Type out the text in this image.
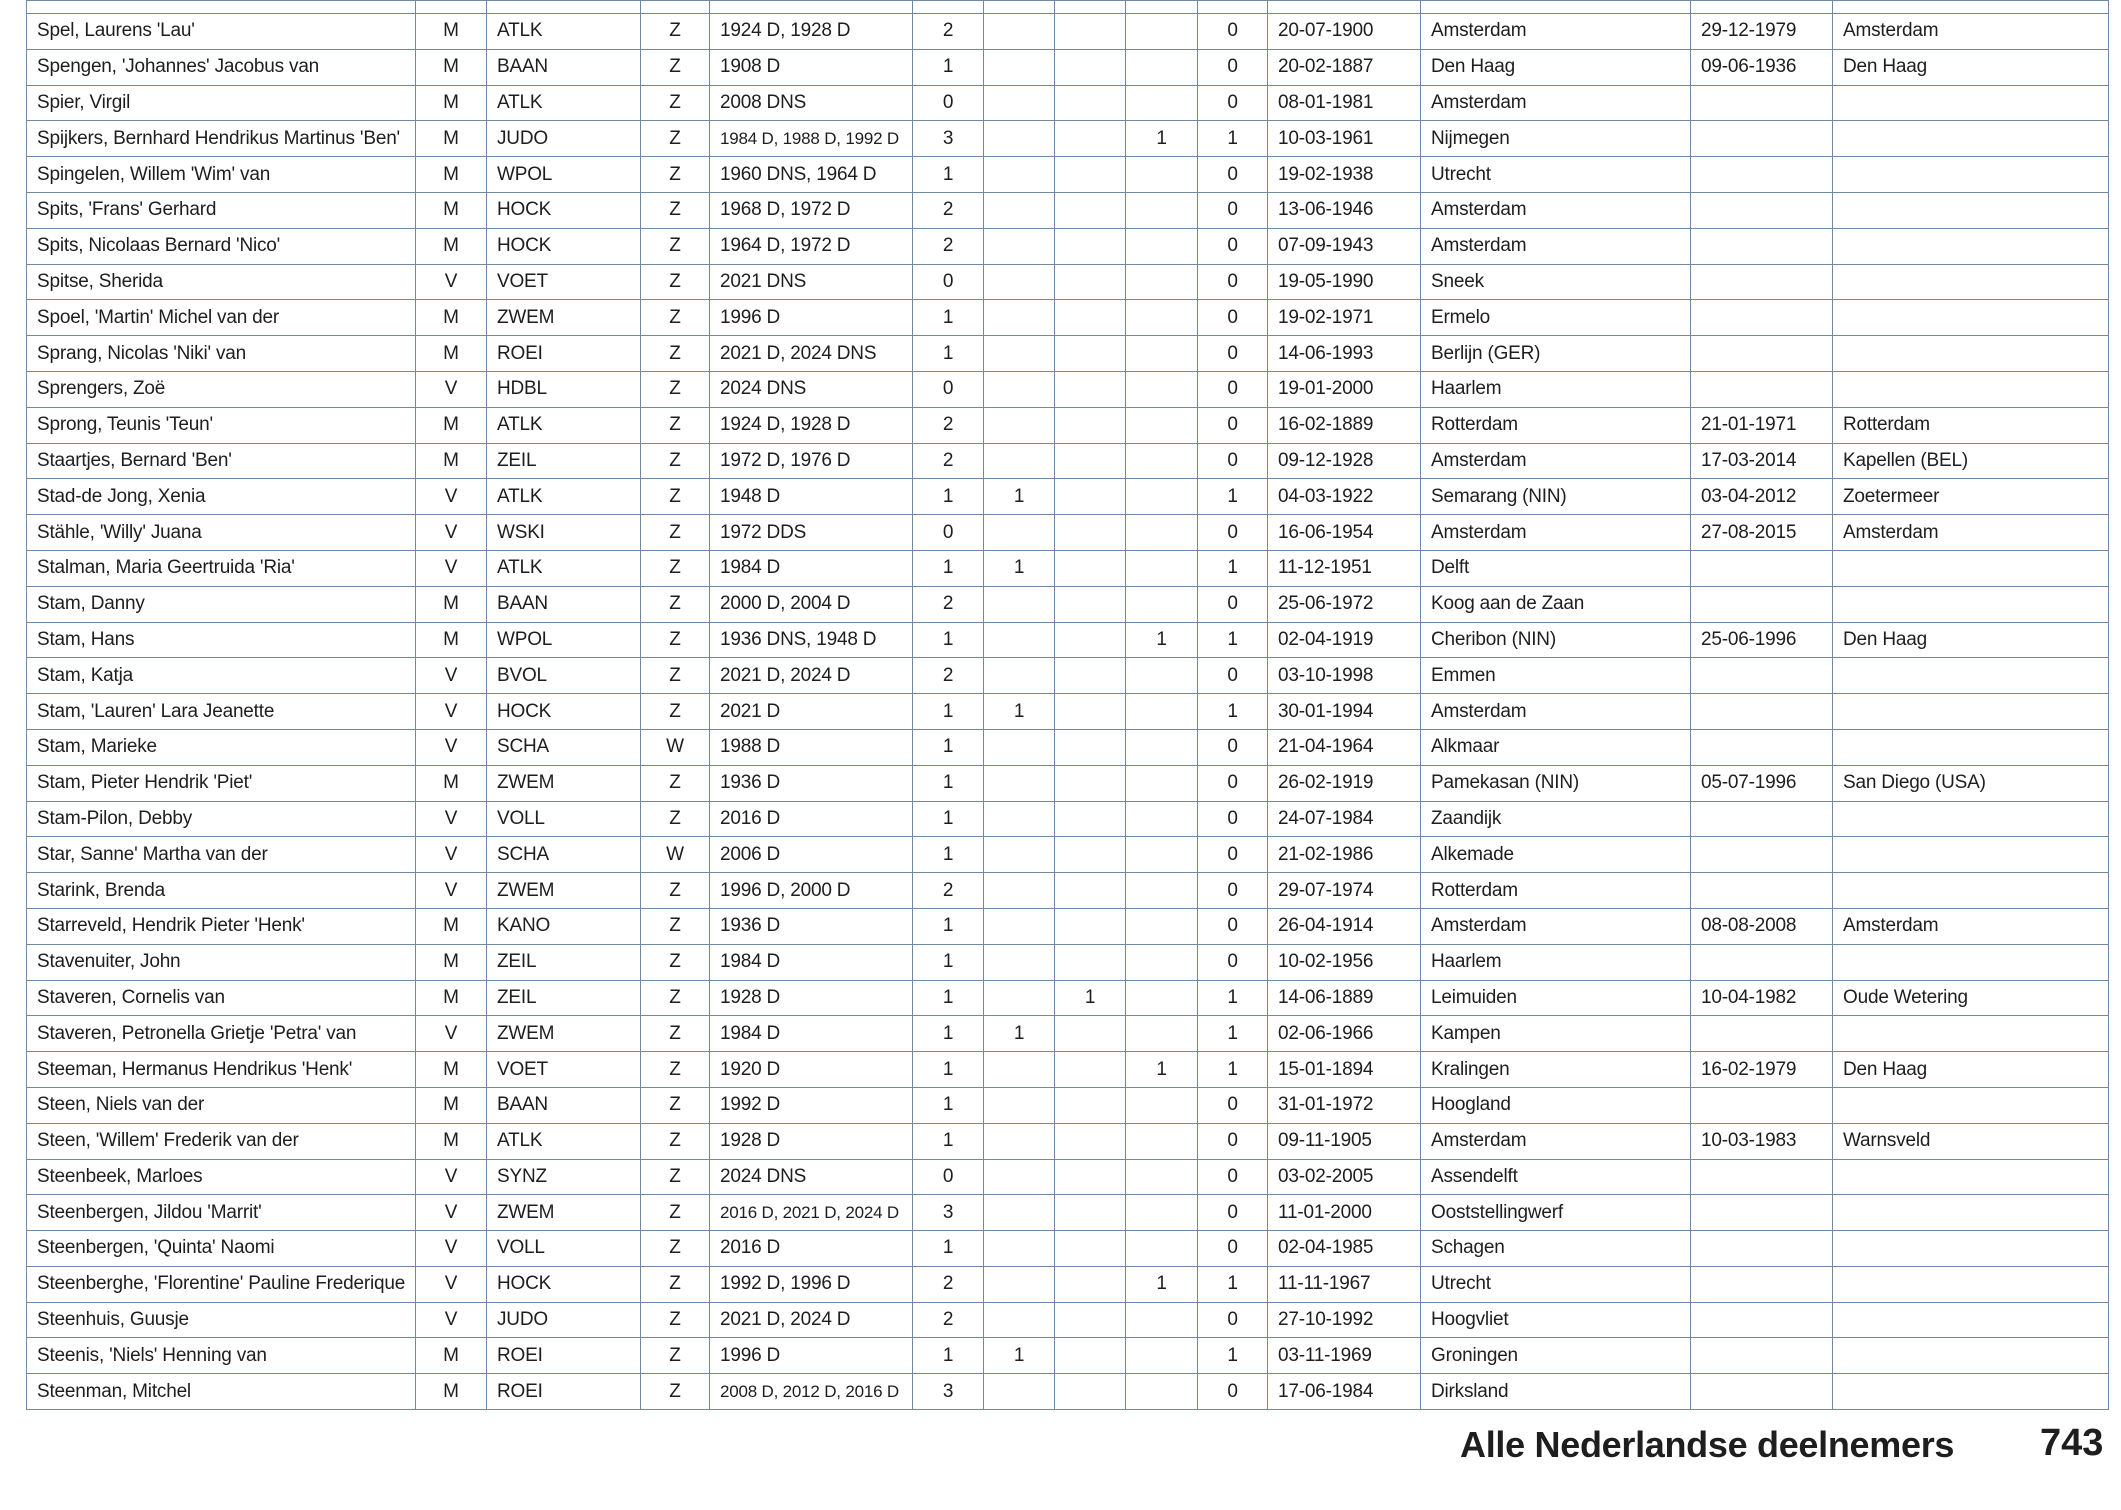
Spel, Laurens 'Lau'	M	ATLK	Z	1924 D, 1928 D	2				0	20-07-1900	Amsterdam	29-12-1979	Amsterdam
Spengen, 'Johannes' Jacobus van	M	BAAN	Z	1908 D	1				0	20-02-1887	Den Haag	09-06-1936	Den Haag
Spier, Virgil	M	ATLK	Z	2008 DNS	0				0	08-01-1981	Amsterdam		
Spijkers, Bernhard Hendrikus Martinus 'Ben'	M	JUDO	Z	1984 D, 1988 D, 1992 D	3			1	1	10-03-1961	Nijmegen		
Spingelen, Willem 'Wim' van	M	WPOL	Z	1960 DNS, 1964 D	1				0	19-02-1938	Utrecht		
Spits, 'Frans' Gerhard	M	HOCK	Z	1968 D, 1972 D	2				0	13-06-1946	Amsterdam		
Spits, Nicolaas Bernard 'Nico'	M	HOCK	Z	1964 D, 1972 D	2				0	07-09-1943	Amsterdam		
Spitse, Sherida	V	VOET	Z	2021 DNS	0				0	19-05-1990	Sneek		
Spoel, 'Martin' Michel van der	M	ZWEM	Z	1996 D	1				0	19-02-1971	Ermelo		
Sprang, Nicolas 'Niki' van	M	ROEI	Z	2021 D, 2024 DNS	1				0	14-06-1993	Berlijn (GER)		
Sprengers, Zoë	V	HDBL	Z	2024 DNS	0				0	19-01-2000	Haarlem		
Sprong, Teunis 'Teun'	M	ATLK	Z	1924 D, 1928 D	2				0	16-02-1889	Rotterdam	21-01-1971	Rotterdam
Staartjes, Bernard 'Ben'	M	ZEIL	Z	1972 D, 1976 D	2				0	09-12-1928	Amsterdam	17-03-2014	Kapellen (BEL)
Stad-de Jong, Xenia	V	ATLK	Z	1948 D	1	1			1	04-03-1922	Semarang (NIN)	03-04-2012	Zoetermeer
Stähle, 'Willy' Juana	V	WSKI	Z	1972 DDS	0				0	16-06-1954	Amsterdam	27-08-2015	Amsterdam
Stalman, Maria Geertruida 'Ria'	V	ATLK	Z	1984 D	1	1			1	11-12-1951	Delft		
Stam, Danny	M	BAAN	Z	2000 D, 2004 D	2				0	25-06-1972	Koog aan de Zaan		
Stam, Hans	M	WPOL	Z	1936 DNS, 1948 D	1			1	1	02-04-1919	Cheribon (NIN)	25-06-1996	Den Haag
Stam, Katja	V	BVOL	Z	2021 D, 2024 D	2				0	03-10-1998	Emmen		
Stam, 'Lauren' Lara Jeanette	V	HOCK	Z	2021 D	1	1			1	30-01-1994	Amsterdam		
Stam, Marieke	V	SCHA	W	1988 D	1				0	21-04-1964	Alkmaar		
Stam, Pieter Hendrik 'Piet'	M	ZWEM	Z	1936 D	1				0	26-02-1919	Pamekasan (NIN)	05-07-1996	San Diego (USA)
Stam-Pilon, Debby	V	VOLL	Z	2016 D	1				0	24-07-1984	Zaandijk		
Star, Sanne' Martha van der	V	SCHA	W	2006 D	1				0	21-02-1986	Alkemade		
Starink, Brenda	V	ZWEM	Z	1996 D, 2000 D	2				0	29-07-1974	Rotterdam		
Starreveld, Hendrik Pieter 'Henk'	M	KANO	Z	1936 D	1				0	26-04-1914	Amsterdam	08-08-2008	Amsterdam
Stavenuiter, John	M	ZEIL	Z	1984 D	1				0	10-02-1956	Haarlem		
Staveren, Cornelis van	M	ZEIL	Z	1928 D	1		1		1	14-06-1889	Leimuiden	10-04-1982	Oude Wetering
Staveren, Petronella Grietje 'Petra' van	V	ZWEM	Z	1984 D	1	1			1	02-06-1966	Kampen		
Steeman, Hermanus Hendrikus 'Henk'	M	VOET	Z	1920 D	1			1	1	15-01-1894	Kralingen	16-02-1979	Den Haag
Steen, Niels van der	M	BAAN	Z	1992 D	1				0	31-01-1972	Hoogland		
Steen, 'Willem' Frederik van der	M	ATLK	Z	1928 D	1				0	09-11-1905	Amsterdam	10-03-1983	Warnsveld
Steenbeek, Marloes	V	SYNZ	Z	2024 DNS	0				0	03-02-2005	Assendelft		
Steenbergen, Jildou 'Marrit'	V	ZWEM	Z	2016 D, 2021 D, 2024 D	3				0	11-01-2000	Ooststellingwerf		
Steenbergen, 'Quinta' Naomi	V	VOLL	Z	2016 D	1				0	02-04-1985	Schagen		
Steenberghe, 'Florentine' Pauline Frederique	V	HOCK	Z	1992 D, 1996 D	2			1	1	11-11-1967	Utrecht		
Steenhuis, Guusje	V	JUDO	Z	2021 D, 2024 D	2				0	27-10-1992	Hoogvliet		
Steenis, 'Niels' Henning van	M	ROEI	Z	1996 D	1	1			1	03-11-1969	Groningen		
Steenman, Mitchel	M	ROEI	Z	2008 D, 2012 D, 2016 D	3				0	17-06-1984	Dirksland		
Alle Nederlandse deelnemers 743
